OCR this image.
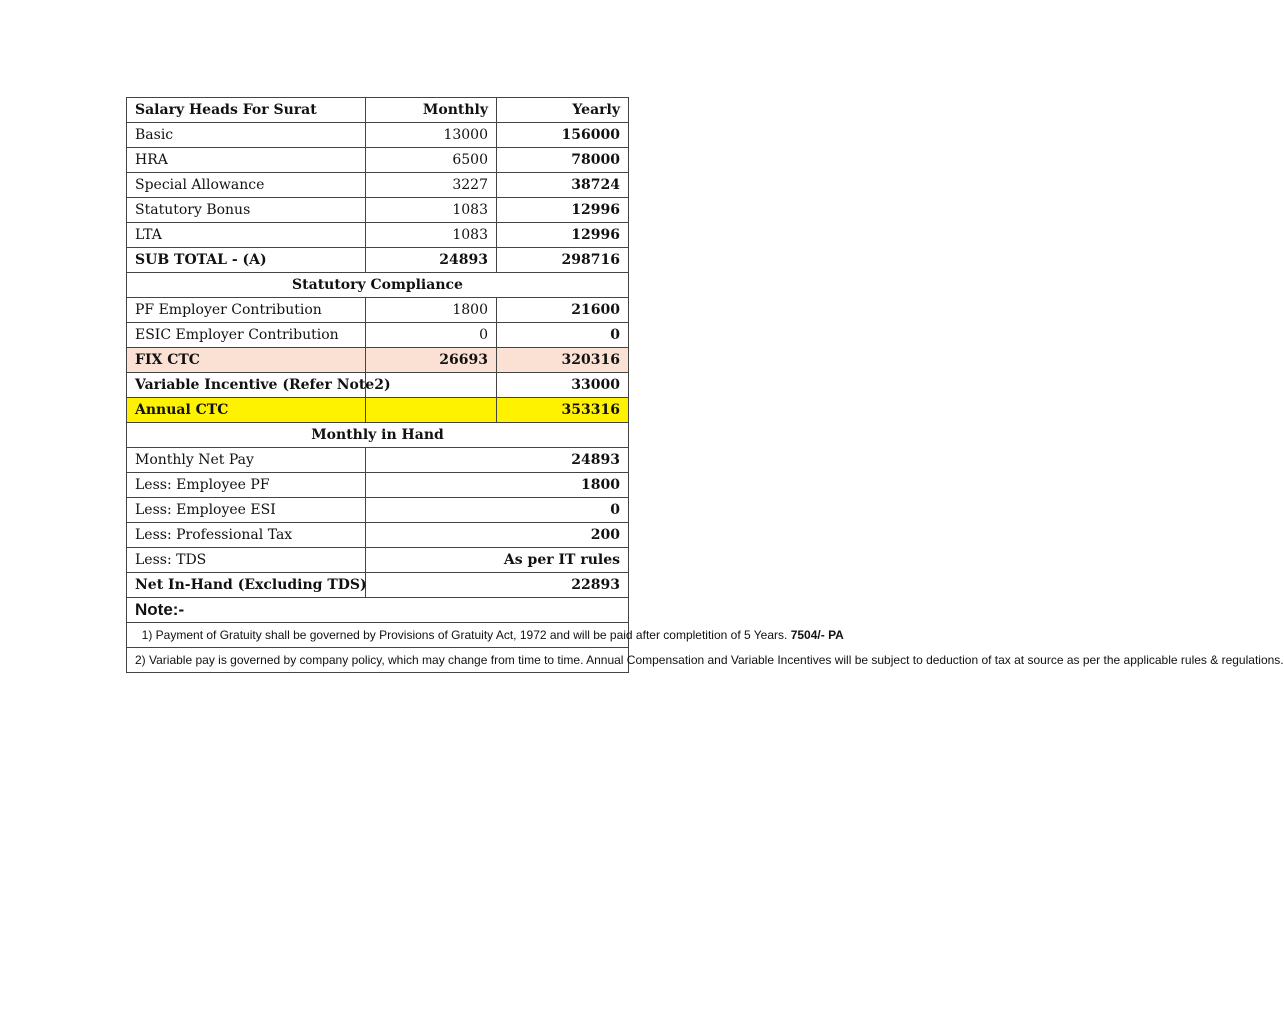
Salary Heads For Surat	Monthly	Yearly
Basic	13000	156000
HRA	6500	78000
Special Allowance	3227	38724
Statutory Bonus	1083	12996
LTA	1083	12996
SUB TOTAL - (A)	24893	298716
Statutory Compliance		
PF Employer Contribution	1800	21600
ESIC Employer Contribution	0	0
FIX CTC	26693	320316
Variable Incentive (Refer Note2)		33000
Annual CTC		353316
Monthly in Hand		
Monthly Net Pay	24893	
Less: Employee PF	1800	
Less: Employee ESI	0	
Less: Professional Tax	200	
Less: TDS	As per IT rules	
Net In-Hand (Excluding TDS)	22893	
Note:-		
1) Payment of Gratuity shall be governed by Provisions of Gratuity Act, 1972 and will be paid after completition of 5 Years. 7504/- PA		
2) Variable pay is governed by company policy, which may change from time to time. Annual Compensation and Variable Incentives will be subject to deduction of tax at source as per the applicable rules & regulations.		
